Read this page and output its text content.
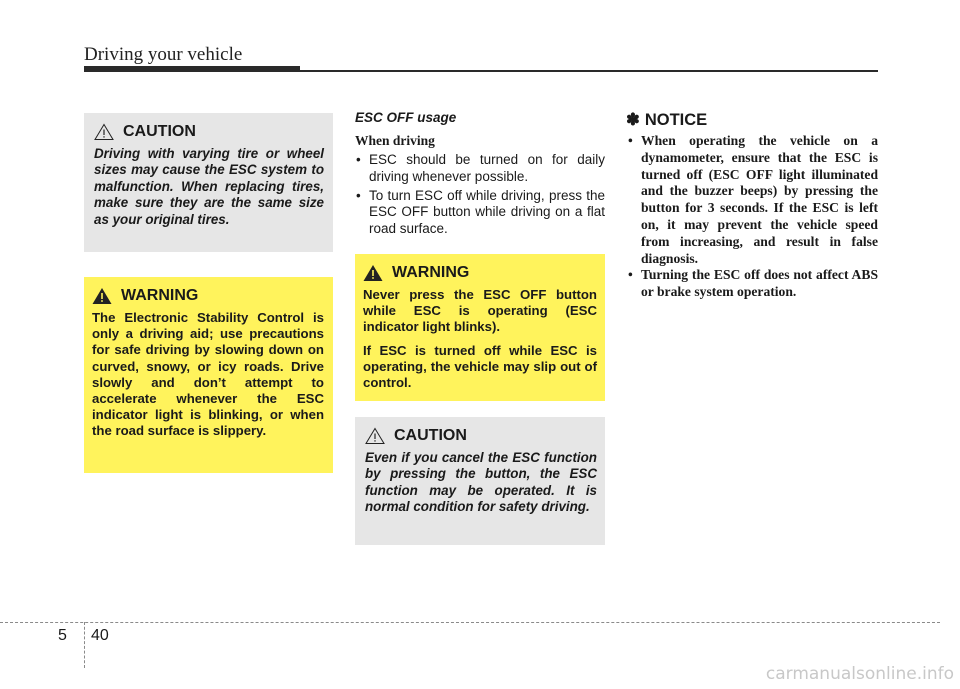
Driving your vehicle
CAUTION
Driving with varying tire or wheel sizes may cause the ESC system to malfunction. When replacing tires, make sure they are the same size as your original tires.
WARNING

The Electronic Stability Control is only a driving aid; use precautions for safe driving by slowing down on curved, snowy, or icy roads. Drive slowly and don’t attempt to accelerate whenever the ESC indicator light is blinking, or when the road surface is slippery.

ESC OFF usage
When driving
• ESC should be turned on for daily driving whenever possible.
• To turn ESC off while driving, press the ESC OFF button while driving on a flat road surface.
WARNING

Never press the ESC OFF button while ESC is operating (ESC indicator light blinks).

If ESC is turned off while ESC is operating, the vehicle may slip out of control.

CAUTION
Even if you cancel the ESC function by pressing the button, the ESC function may be operated. It is normal condition for safety driving.
✽ NOTICE
• When operating the vehicle on a dynamometer, ensure that the ESC is turned off (ESC OFF light illuminated and the buzzer beeps) by pressing the button for 3 seconds. If the ESC is left on, it may prevent the vehicle speed from increasing, and result in false diagnosis.
• Turning the ESC off does not affect ABS or brake system operation.
5 40
carmanualsonline.info
